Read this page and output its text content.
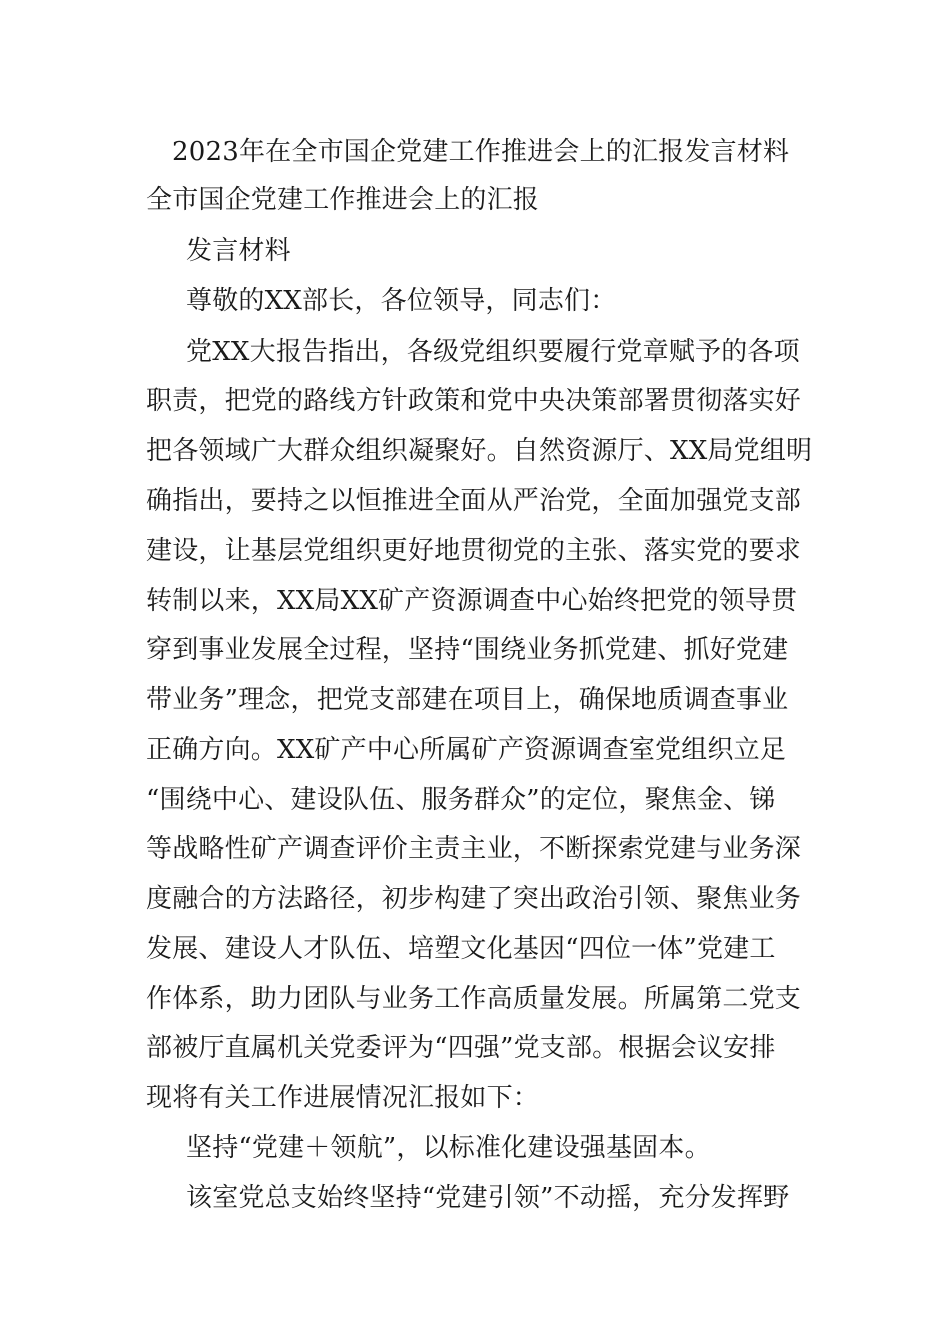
2023年在全市国企党建工作推进会上的汇报发言材料
全市国企党建工作推进会上的汇报
发言材料
尊敬的XX部长，各位领导，同志们：
党XX大报告指出，各级党组织要履行党章赋予的各项
职责，把党的路线方针政策和党中央决策部署贯彻落实好
把各领域广大群众组织凝聚好。自然资源厅、XX局党组明
确指出，要持之以恒推进全面从严治党，全面加强党支部
建设，让基层党组织更好地贯彻党的主张、落实党的要求
转制以来，XX局XX矿产资源调查中心始终把党的领导贯
穿到事业发展全过程，坚持“围绕业务抓党建、抓好党建
带业务”理念，把党支部建在项目上，确保地质调查事业
正确方向。XX矿产中心所属矿产资源调查室党组织立足
“围绕中心、建设队伍、服务群众”的定位，聚焦金、锑
等战略性矿产调查评价主责主业，不断探索党建与业务深
度融合的方法路径，初步构建了突出政治引领、聚焦业务
发展、建设人才队伍、培塑文化基因“四位一体”党建工
作体系，助力团队与业务工作高质量发展。所属第二党支
部被厅直属机关党委评为“四强”党支部。根据会议安排
现将有关工作进展情况汇报如下：
坚持“党建＋领航”，以标准化建设强基固本。
该室党总支始终坚持“党建引领”不动摇，充分发挥野
